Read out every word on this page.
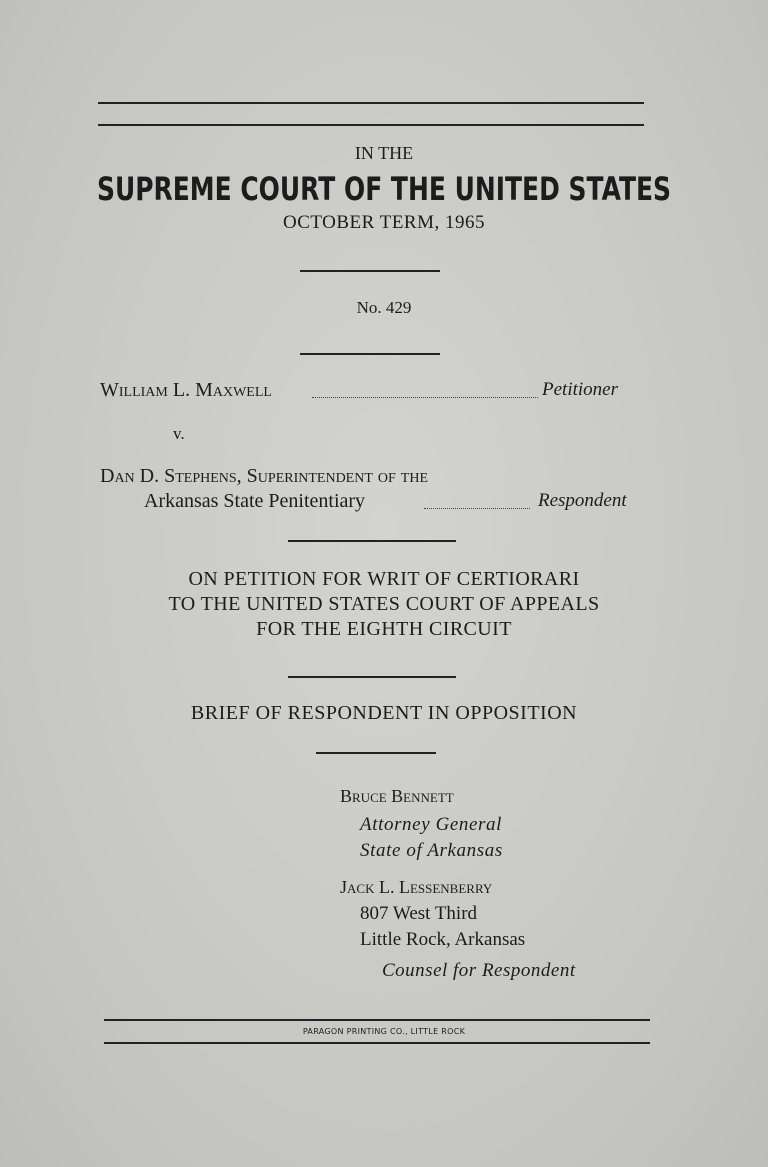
IN THE
SUPREME COURT OF THE UNITED STATES
OCTOBER TERM, 1965
No. 429
William L. Maxwell	Petitioner
v.
Dan D. Stephens, Superintendent of the
Arkansas State Penitentiary	Respondent
ON PETITION FOR WRIT OF CERTIORARI
TO THE UNITED STATES COURT OF APPEALS
FOR THE EIGHTH CIRCUIT
BRIEF OF RESPONDENT IN OPPOSITION
Bruce Bennett
Attorney General
State of Arkansas
Jack L. Lessenberry
807 West Third
Little Rock, Arkansas
Counsel for Respondent
PARAGON PRINTING CO., LITTLE ROCK
